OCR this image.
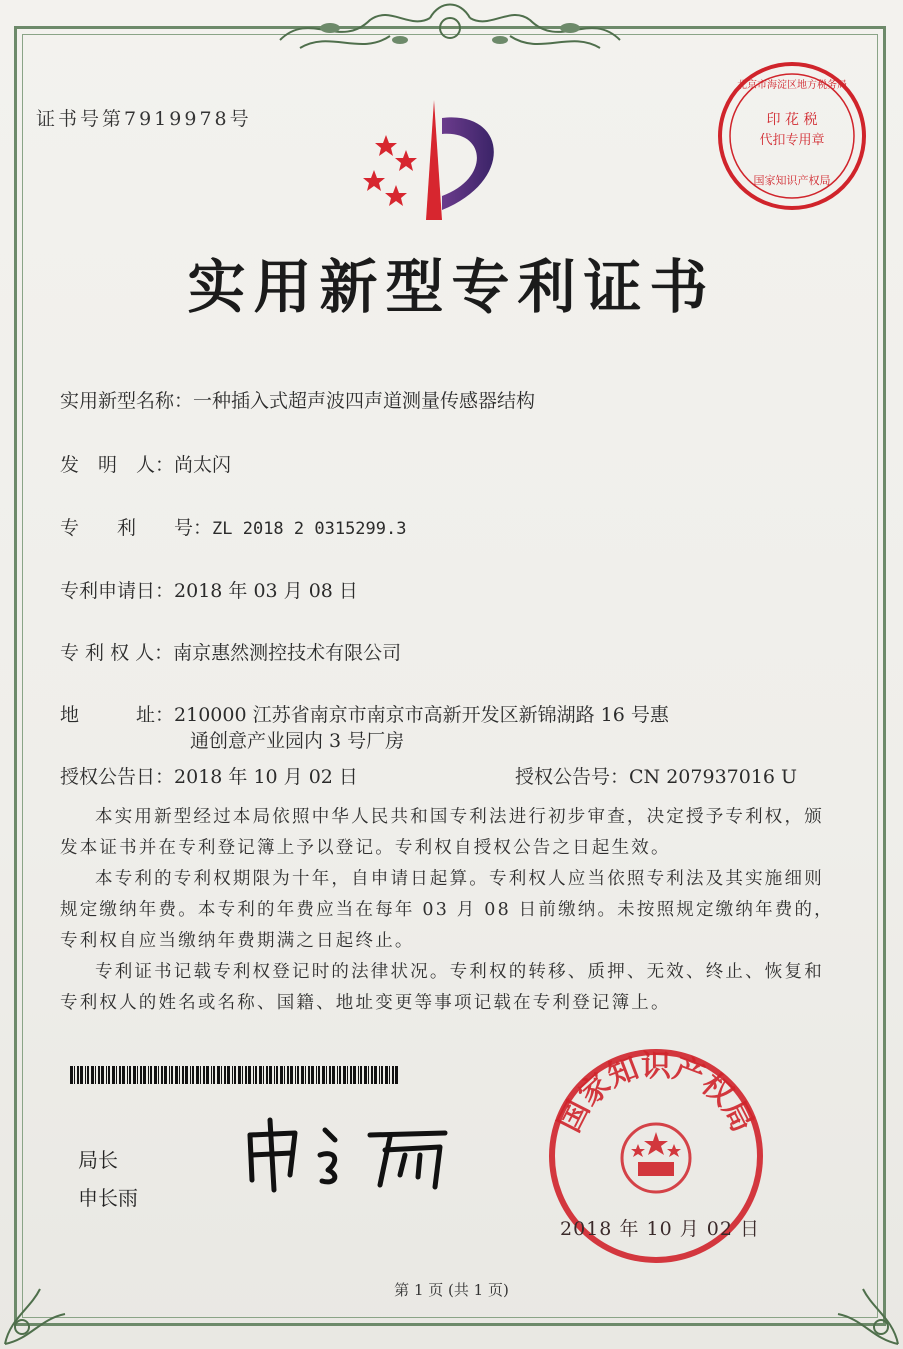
证书号第7919978号	印 花 税
代扣专用章
北京市海淀区地方税务局
国家知识产权局
实用新型专利证书
实用新型名称：一种插入式超声波四声道测量传感器结构
发　明　人：尚太闪
专　　利　　号：ZL 2018 2 0315299.3
专利申请日：2018 年 03 月 08 日
专 利 权 人：南京惠然测控技术有限公司
地　　　址：210000 江苏省南京市南京市高新开发区新锦湖路 16 号惠
通创意产业园内 3 号厂房
授权公告日：2018 年 10 月 02 日	授权公告号：CN 207937016 U

本实用新型经过本局依照中华人民共和国专利法进行初步审查，决定授予专利权，颁发本证书并在专利登记簿上予以登记。专利权自授权公告之日起生效。

本专利的专利权期限为十年，自申请日起算。专利权人应当依照专利法及其实施细则规定缴纳年费。本专利的年费应当在每年 03 月 08 日前缴纳。未按照规定缴纳年费的，专利权自应当缴纳年费期满之日起终止。

专利证书记载专利权登记时的法律状况。专利权的转移、质押、无效、终止、恢复和专利权人的姓名或名称、国籍、地址变更等事项记载在专利登记簿上。

局长
申长雨
国家知识产权局
2018 年 10 月 02 日
第 1 页 (共 1 页)
